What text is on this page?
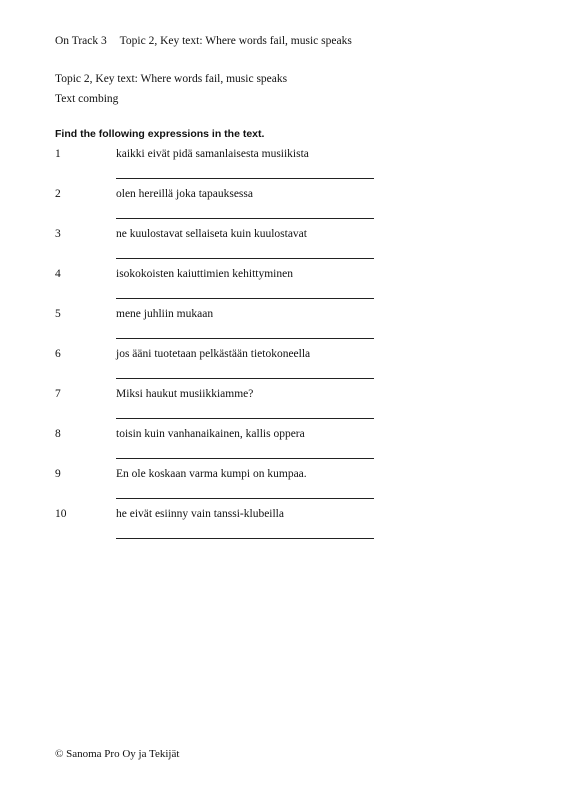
On Track 3 Topic 2, Key text: Where words fail, music speaks
Topic 2, Key text: Where words fail, music speaks
Text combing
Find the following expressions in the text.
1	kaikki eivät pidä samanlaisesta musiikista
2	olen hereillä joka tapauksessa
3	ne kuulostavat sellaiseta kuin kuulostavat
4	isokokoisten kaiuttimien kehittyminen
5	mene juhliin mukaan
6	jos ääni tuotetaan pelkästään tietokoneella
7	Miksi haukut musiikkiamme?
8	toisin kuin vanhanaikainen, kallis oppera
9	En ole koskaan varma kumpi on kumpaa.
10	he eivät esiinny vain tanssi-klubeilla
© Sanoma Pro Oy ja Tekijät
